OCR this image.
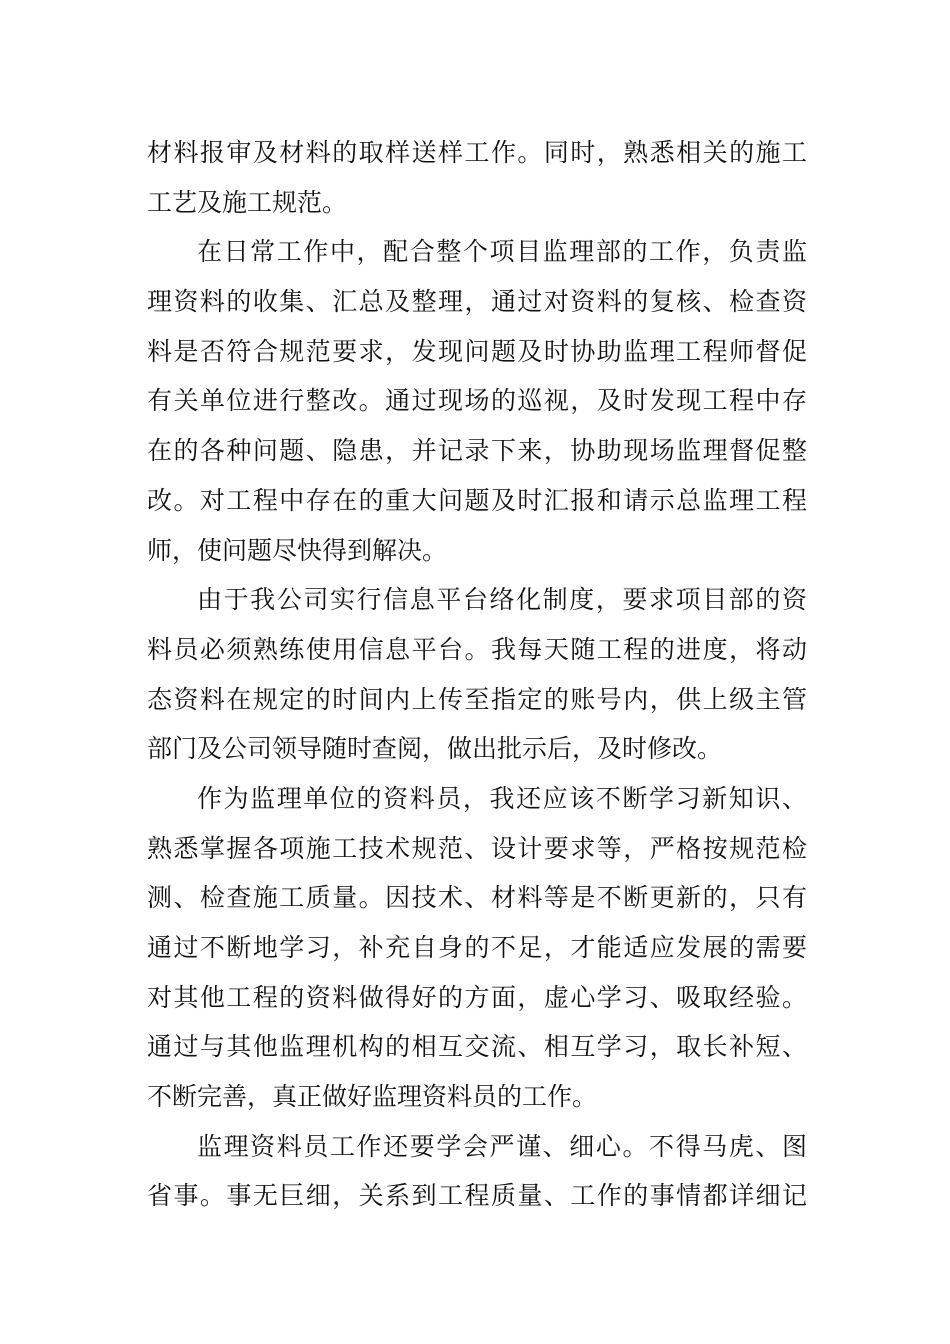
材料报审及材料的取样送样工作。同时，熟悉相关的施工
工艺及施工规范。
在日常工作中，配合整个项目监理部的工作，负责监
理资料的收集、汇总及整理，通过对资料的复核、检查资
料是否符合规范要求，发现问题及时协助监理工程师督促
有关单位进行整改。通过现场的巡视，及时发现工程中存
在的各种问题、隐患，并记录下来，协助现场监理督促整
改。对工程中存在的重大问题及时汇报和请示总监理工程
师，使问题尽快得到解决。
由于我公司实行信息平台络化制度，要求项目部的资
料员必须熟练使用信息平台。我每天随工程的进度，将动
态资料在规定的时间内上传至指定的账号内，供上级主管
部门及公司领导随时查阅，做出批示后，及时修改。
作为监理单位的资料员，我还应该不断学习新知识、
熟悉掌握各项施工技术规范、设计要求等，严格按规范检
测、检查施工质量。因技术、材料等是不断更新的，只有
通过不断地学习，补充自身的不足，才能适应发展的需要
对其他工程的资料做得好的方面，虚心学习、吸取经验。
通过与其他监理机构的相互交流、相互学习，取长补短、
不断完善，真正做好监理资料员的工作。
监理资料员工作还要学会严谨、细心。不得马虎、图
省事。事无巨细，关系到工程质量、工作的事情都详细记
